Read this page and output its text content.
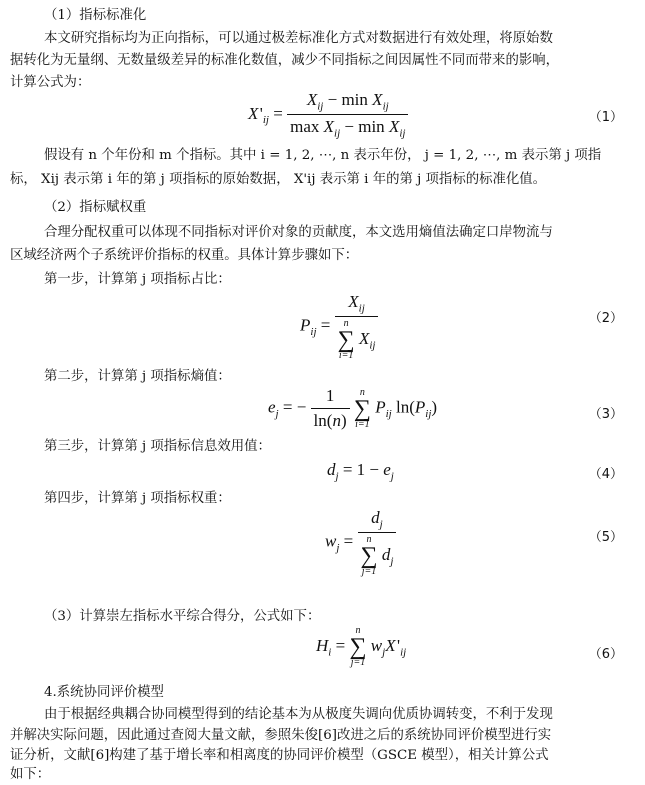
（1）指标标准化
本文研究指标均为正向指标，可以通过极差标准化方式对数据进行有效处理，将原始数
据转化为无量纲、无数量级差异的标准化数值，减少不同指标之间因属性不同而带来的影响，
计算公式为：
X '$_{ij} = \frac{X_{ij} - \min X_{ij}}{\max X_{ij} - \min X_{ij}}$	（1）
假设有 n 个年份和 m 个指标。其中 i = 1, 2, ⋯, n 表示年份， j = 1, 2, ⋯, m 表示第 j 项指
标， Xij 表示第 i 年的第 j 项指标的原始数据， X'ij 表示第 i 年的第 j 项指标的标准化值。
（2）指标赋权重
合理分配权重可以体现不同指标对评价对象的贡献度，本文选用熵值法确定口岸物流与
区域经济两个子系统评价指标的权重。具体计算步骤如下：
第一步，计算第 j 项指标占比：
$P_{ij} = X_{ij}$
n
∑
i=1
$X_{ij}$	（2）
第二步，计算第 j 项指标熵值：
$e_j$ = − $\frac{1}{\ln(n)}$
	n
∑
i=1
$P_{ij}$ $\ln(P_{ij})$	（3）
第三步，计算第 j 项指标信息效用值：
$d_j = 1 - e_j$	（4）
第四步，计算第 j 项指标权重：
$w_j = d_j$
n
∑
j=1
$d_j$	（5）
（3）计算崇左指标水平综合得分，公式如下：
$H_i$ =
n
∑
j=1
$w_jX$ '$_{ij}$	（6）
4.系统协同评价模型
由于根据经典耦合协同模型得到的结论基本为从极度失调向优质协调转变，不利于发现
并解决实际问题，因此通过查阅大量文献，参照朱俊[6]改进之后的系统协同评价模型进行实
证分析，文献[6]构建了基于增长率和相离度的协同评价模型（GSCE 模型），相关计算公式
如下：
